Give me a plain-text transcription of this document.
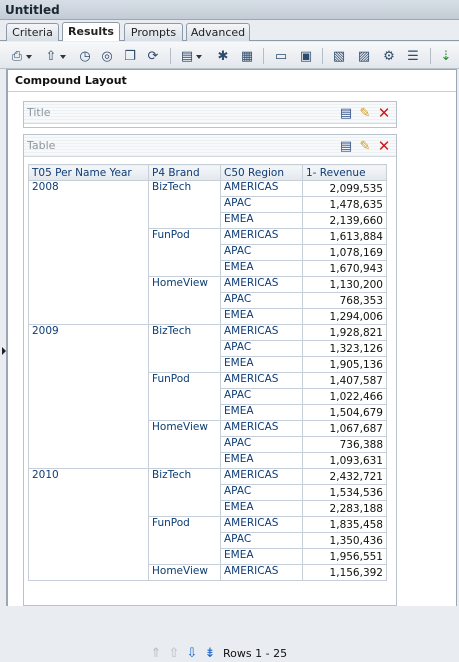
Untitled
Criteria	Results	Prompts	Advanced
⎙ ⇧ ◷ ◎ ❐ ⟳ ▤ ✱ ▦ ▭ ▣ ▧ ▨ ⚙ ☰ ⇣
Compound Layout
Title	▤ ✎ ✕
Table	▤ ✎ ✕
T05 Per Name Year	P4 Brand	C50 Region	1- Revenue
2008	BizTech	AMERICAS	2,099,535
		APAC	1,478,635
		EMEA	2,139,660
	FunPod	AMERICAS	1,613,884
		APAC	1,078,169
		EMEA	1,670,943
	HomeView	AMERICAS	1,130,200
		APAC	768,353
		EMEA	1,294,006
2009	BizTech	AMERICAS	1,928,821
		APAC	1,323,126
		EMEA	1,905,136
	FunPod	AMERICAS	1,407,587
		APAC	1,022,466
		EMEA	1,504,679
	HomeView	AMERICAS	1,067,687
		APAC	736,388
		EMEA	1,093,631
2010	BizTech	AMERICAS	2,432,721
		APAC	1,534,536
		EMEA	2,283,188
	FunPod	AMERICAS	1,835,458
		APAC	1,350,436
		EMEA	1,956,551
	HomeView	AMERICAS	1,156,392
⇑ ⇧ ⇩ ⇟ Rows 1 - 25
